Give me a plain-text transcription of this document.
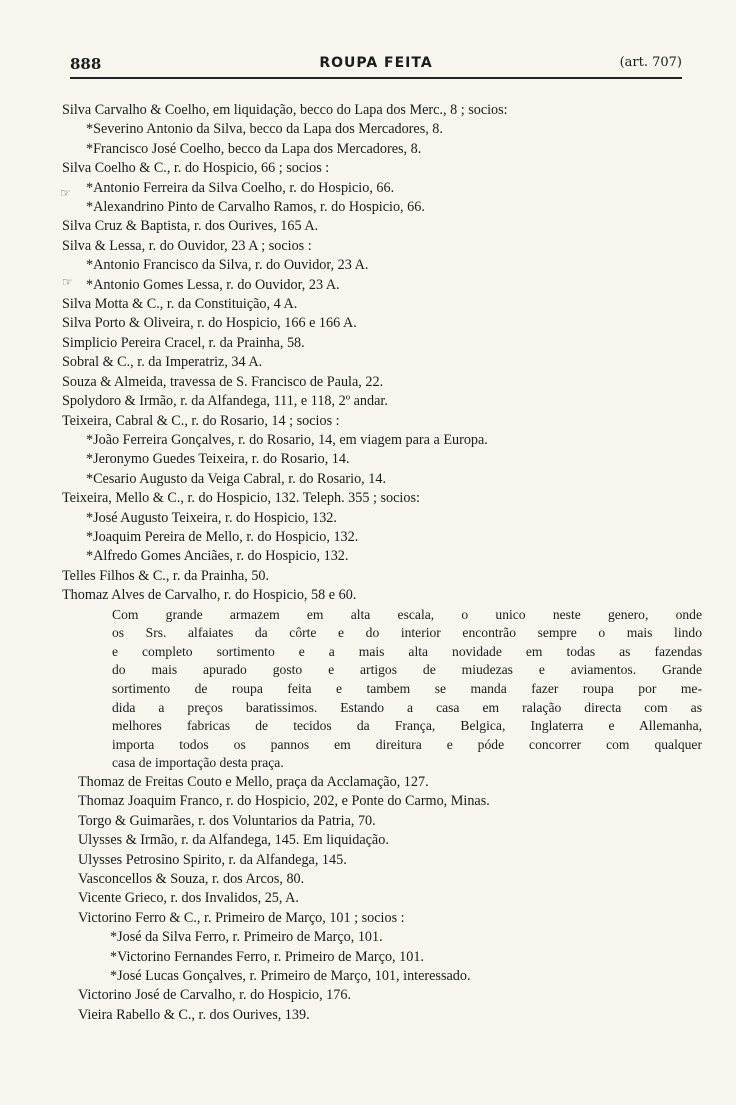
888	ROUPA FEITA	(art. 707)
☞
☞
Silva Carvalho & Coelho, em liquidação, becco do Lapa dos Merc., 8 ; socios:
*Severino Antonio da Silva, becco da Lapa dos Mercadores, 8.
*Francisco José Coelho, becco da Lapa dos Mercadores, 8.
Silva Coelho & C., r. do Hospicio, 66 ; socios :
*Antonio Ferreira da Silva Coelho, r. do Hospicio, 66.
*Alexandrino Pinto de Carvalho Ramos, r. do Hospicio, 66.
Silva Cruz & Baptista, r. dos Ourives, 165 A.
Silva & Lessa, r. do Ouvidor, 23 A ; socios :
*Antonio Francisco da Silva, r. do Ouvidor, 23 A.
*Antonio Gomes Lessa, r. do Ouvidor, 23 A.
Silva Motta & C., r. da Constituição, 4 A.
Silva Porto & Oliveira, r. do Hospicio, 166 e 166 A.
Simplicio Pereira Cracel, r. da Prainha, 58.
Sobral & C., r. da Imperatriz, 34 A.
Souza & Almeida, travessa de S. Francisco de Paula, 22.
Spolydoro & Irmão, r. da Alfandega, 111, e 118, 2º andar.
Teixeira, Cabral & C., r. do Rosario, 14 ; socios :
*João Ferreira Gonçalves, r. do Rosario, 14, em viagem para a Europa.
*Jeronymo Guedes Teixeira, r. do Rosario, 14.
*Cesario Augusto da Veiga Cabral, r. do Rosario, 14.
Teixeira, Mello & C., r. do Hospicio, 132. Teleph. 355 ; socios:
*José Augusto Teixeira, r. do Hospicio, 132.
*Joaquim Pereira de Mello, r. do Hospicio, 132.
*Alfredo Gomes Anciães, r. do Hospicio, 132.
Telles Filhos & C., r. da Prainha, 50.
Thomaz Alves de Carvalho, r. do Hospicio, 58 e 60.
Com grande armazem em alta escala, o unico neste genero, onde
os Srs. alfaiates da côrte e do interior encontrão sempre o mais lindo
e completo sortimento e a mais alta novidade em todas as fazendas
do mais apurado gosto e artigos de miudezas e aviamentos. Grande
sortimento de roupa feita e tambem se manda fazer roupa por me-
dida a preços baratissimos. Estando a casa em ralação directa com as
melhores fabricas de tecidos da França, Belgica, Inglaterra e Allemanha,
importa todos os pannos em direitura e póde concorrer com qualquer
casa de importação desta praça.
Thomaz de Freitas Couto e Mello, praça da Acclamação, 127.
Thomaz Joaquim Franco, r. do Hospicio, 202, e Ponte do Carmo, Minas.
Torgo & Guimarães, r. dos Voluntarios da Patria, 70.
Ulysses & Irmão, r. da Alfandega, 145. Em liquidação.
Ulysses Petrosino Spirito, r. da Alfandega, 145.
Vasconcellos & Souza, r. dos Arcos, 80.
Vicente Grieco, r. dos Invalidos, 25, A.
Victorino Ferro & C., r. Primeiro de Março, 101 ; socios :
*José da Silva Ferro, r. Primeiro de Março, 101.
*Victorino Fernandes Ferro, r. Primeiro de Março, 101.
*José Lucas Gonçalves, r. Primeiro de Março, 101, interessado.
Victorino José de Carvalho, r. do Hospicio, 176.
Vieira Rabello & C., r. dos Ourives, 139.
